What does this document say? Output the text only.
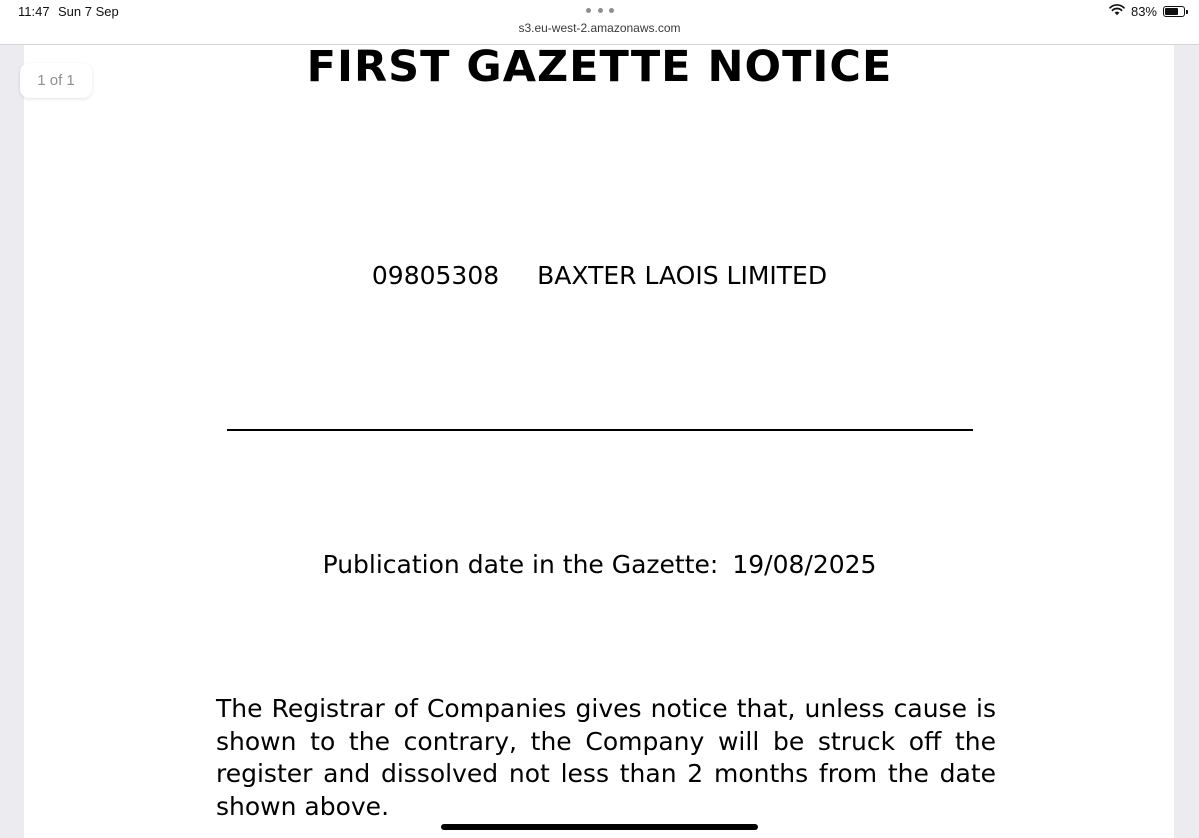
11:47 Sun 7 Sep
s3.eu-west-2.amazonaws.com
83%
1 of 1	FIRST GAZETTE NOTICE
09805308 BAXTER LAOIS LIMITED
Publication date in the Gazette: 19/08/2025

The Registrar of Companies gives notice that, unless cause is shown to the contrary, the Company will be struck off the register and dissolved not less than 2 months from the date shown above.
